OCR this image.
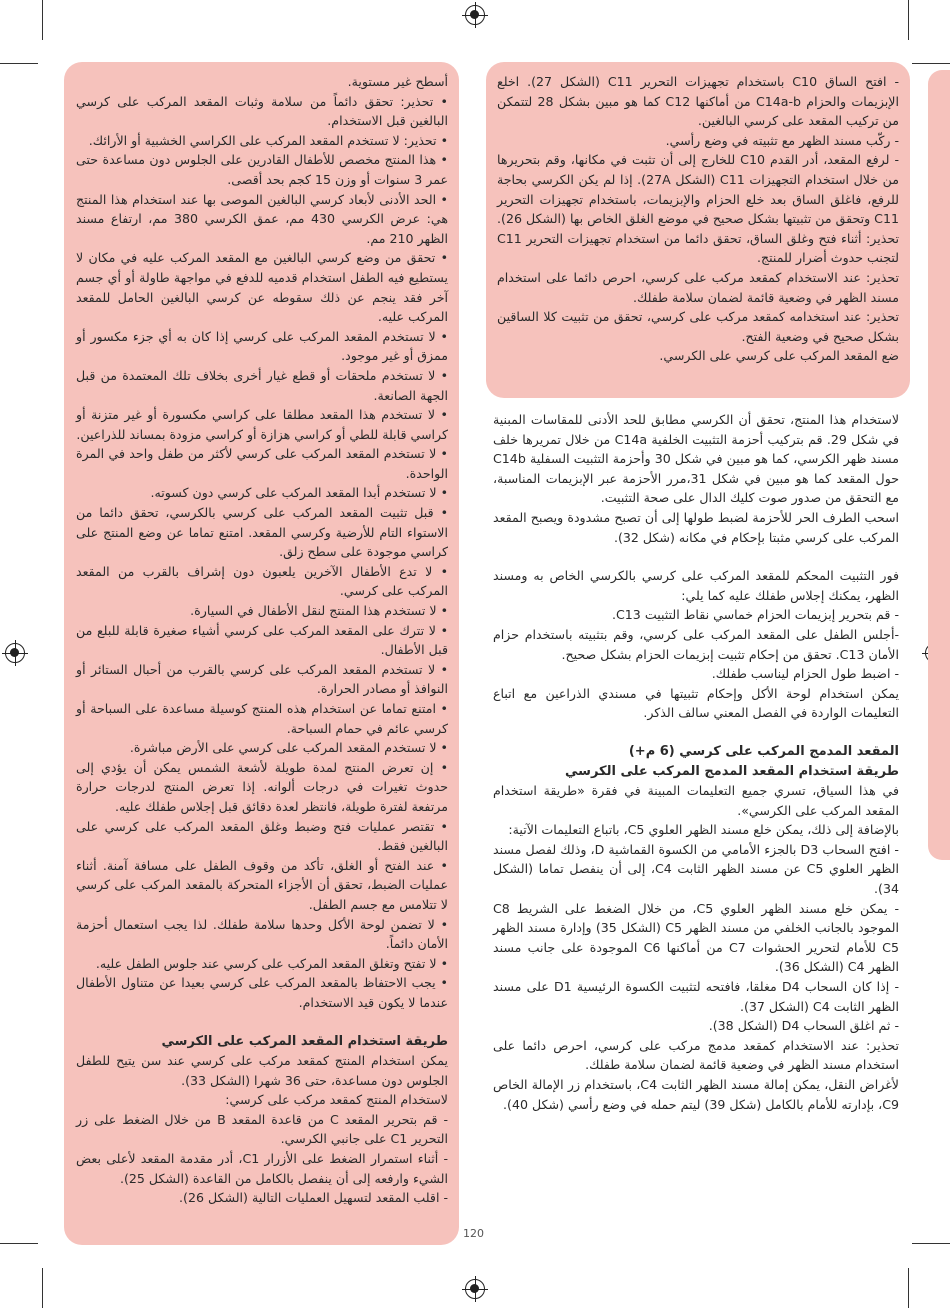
أسطح غير مستوية.

• تحذير: تحقق دائماً من سلامة وثبات المقعد المركب على كرسي البالغين قبل الاستخدام.

• تحذير: لا تستخدم المقعد المركب على الكراسي الخشبية أو الأرائك.

• هذا المنتج مخصص للأطفال القادرين على الجلوس دون مساعدة حتى عمر 3 سنوات أو وزن 15 كجم بحد أقصى.

• الحد الأدنى لأبعاد كرسي البالغين الموصى بها عند استخدام هذا المنتج هي: عرض الكرسي 430 مم، عمق الكرسي 380 مم، ارتفاع مسند الظهر 210 مم.

• تحقق من وضع كرسي البالغين مع المقعد المركب عليه في مكان لا يستطيع فيه الطفل استخدام قدميه للدفع في مواجهة طاولة أو أي جسم آخر فقد ينجم عن ذلك سقوطه عن كرسي البالغين الحامل للمقعد المركب عليه.

• لا تستخدم المقعد المركب على كرسي إذا كان به أي جزء مكسور أو ممزق أو غير موجود.

• لا تستخدم ملحقات أو قطع غيار أخرى بخلاف تلك المعتمدة من قبل الجهة الصانعة.

• لا تستخدم هذا المقعد مطلقا على كراسي مكسورة أو غير متزنة أو كراسي قابلة للطي أو كراسي هزازة أو كراسي مزودة بمساند للذراعين.

• لا تستخدم المقعد المركب على كرسي لأكثر من طفل واحد في المرة الواحدة.

• لا تستخدم أبدا المقعد المركب على كرسي دون كسوته.

• قبل تثبيت المقعد المركب على كرسي بالكرسي، تحقق دائما من الاستواء التام للأرضية وكرسي المقعد. امتنع تماما عن وضع المنتج على كراسي موجودة على سطح زلق.

• لا تدع الأطفال الآخرين يلعبون دون إشراف بالقرب من المقعد المركب على كرسي.

• لا تستخدم هذا المنتج لنقل الأطفال في السيارة.

• لا تترك على المقعد المركب على كرسي أشياء صغيرة قابلة للبلع من قبل الأطفال.

• لا تستخدم المقعد المركب على كرسي بالقرب من أحبال الستائر أو النوافذ أو مصادر الحرارة.

• امتنع تماما عن استخدام هذه المنتج كوسيلة مساعدة على السباحة أو كرسي عائم في حمام السباحة.

• لا تستخدم المقعد المركب على كرسي على الأرض مباشرة.

• إن تعرض المنتج لمدة طويلة لأشعة الشمس يمكن أن يؤدي إلى حدوث تغيرات في درجات ألوانه. إذا تعرض المنتج لدرجات حرارة مرتفعة لفترة طويلة، فانتظر لعدة دقائق قبل إجلاس طفلك عليه.

• تقتصر عمليات فتح وضبط وغلق المقعد المركب على كرسي على البالغين فقط.

• عند الفتح أو الغلق، تأكد من وقوف الطفل على مسافة آمنة. أثناء عمليات الضبط، تحقق أن الأجزاء المتحركة بالمقعد المركب على كرسي لا تتلامس مع جسم الطفل.

• لا تضمن لوحة الأكل وحدها سلامة طفلك. لذا يجب استعمال أحزمة الأمان دائماً.

• لا تفتح وتغلق المقعد المركب على كرسي عند جلوس الطفل عليه.

• يجب الاحتفاظ بالمقعد المركب على كرسي بعيدا عن متناول الأطفال عندما لا يكون قيد الاستخدام.

طريقة استخدام المقعد المركب على الكرسي

يمكن استخدام المنتج كمقعد مركب على كرسي عند سن يتيح للطفل الجلوس دون مساعدة، حتى 36 شهرا (الشكل 33).

لاستخدام المنتج كمقعد مركب على كرسي:

- قم بتحرير المقعد C من قاعدة المقعد B من خلال الضغط على زر التحرير C1 على جانبي الكرسي.

- أثناء استمرار الضغط على الأزرار C1، أدر مقدمة المقعد لأعلى بعض الشيء وارفعه إلى أن ينفصل بالكامل من القاعدة (الشكل 25).

- اقلب المقعد لتسهيل العمليات التالية (الشكل 26).

- افتح الساق C10 باستخدام تجهيزات التحرير C11 (الشكل 27). اخلع الإبزيمات والحزام C14a-b من أماكنها C12 كما هو مبين بشكل 28 لتتمكن من تركيب المقعد على كرسي البالغين.

- ركّب مسند الظهر مع تثبيته في وضع رأسي.

- لرفع المقعد، أدر القدم C10 للخارج إلى أن تثبت في مكانها، وقم بتحريرها من خلال استخدام التجهيزات C11 (الشكل 27A). إذا لم يكن الكرسي بحاجة للرفع، فاغلق الساق بعد خلع الحزام والإبزيمات، باستخدام تجهيزات التحرير C11 وتحقق من تثبيتها بشكل صحيح في موضع الغلق الخاص بها (الشكل 26).

تحذير: أثناء فتح وغلق الساق، تحقق دائما من استخدام تجهيزات التحرير C11 لتجنب حدوث أضرار للمنتج.

تحذير: عند الاستخدام كمقعد مركب على كرسي، احرص دائما على استخدام مسند الظهر في وضعية قائمة لضمان سلامة طفلك.

تحذير: عند استخدامه كمقعد مركب على كرسي، تحقق من تثبيت كلا الساقين بشكل صحيح في وضعية الفتح.

ضع المقعد المركب على كرسي على الكرسي.

لاستخدام هذا المنتج، تحقق أن الكرسي مطابق للحد الأدنى للمقاسات المبنية في شكل 29. قم بتركيب أحزمة التثبيت الخلفية C14a من خلال تمريرها خلف مسند ظهر الكرسي، كما هو مبين في شكل 30 وأحزمة التثبيت السفلية C14b حول المقعد كما هو مبين في شكل 31،مرر الأحزمة عبر الإبزيمات المناسبة، مع التحقق من صدور صوت كليك الدال على صحة التثبيت.

اسحب الطرف الحر للأحزمة لضبط طولها إلى أن تصبح مشدودة ويصبح المقعد المركب على كرسي مثبتا بإحكام في مكانه (شكل 32).

فور التثبيت المحكم للمقعد المركب على كرسي بالكرسي الخاص به ومسند الظهر، يمكنك إجلاس طفلك عليه كما يلي:

- قم بتحرير إبزيمات الحزام خماسي نقاط التثبيت C13.

-أجلس الطفل على المقعد المركب على كرسي، وقم بتثبيته باستخدام حزام الأمان C13. تحقق من إحكام تثبيت إبزيمات الحزام بشكل صحيح.

- اضبط طول الحزام ليناسب طفلك.

يمكن استخدام لوحة الأكل وإحكام تثبيتها في مسندي الذراعين مع اتباع التعليمات الواردة في الفصل المعني سالف الذكر.

المقعد المدمج المركب على كرسي (6 م+)
طريقة استخدام المقعد المدمج المركب على الكرسي

في هذا السياق، تسري جميع التعليمات المبينة في فقرة «طريقة استخدام المقعد المركب على الكرسي».

بالإضافة إلى ذلك، يمكن خلع مسند الظهر العلوي C5، باتباع التعليمات الآتية:

- افتح السحاب D3 بالجزء الأمامي من الكسوة القماشية D، وذلك لفصل مسند الظهر العلوي C5 عن مسند الظهر الثابت C4، إلى أن ينفصل تماما (الشكل 34).

- يمكن خلع مسند الظهر العلوي C5، من خلال الضغط على الشريط C8 الموجود بالجانب الخلفي من مسند الظهر C5 (الشكل 35) وإدارة مسند الظهر C5 للأمام لتحرير الحشوات C7 من أماكنها C6 الموجودة على جانب مسند الظهر C4 (الشكل 36).

- إذا كان السحاب D4 مغلقا، فافتحه لتثبيت الكسوة الرئيسية D1 على مسند الظهر الثابت C4 (الشكل 37).

- ثم اغلق السحاب D4 (الشكل 38).

تحذير: عند الاستخدام كمقعد مدمج مركب على كرسي، احرص دائما على استخدام مسند الظهر في وضعية قائمة لضمان سلامة طفلك.

لأغراض النقل، يمكن إمالة مسند الظهر الثابت C4، باستخدام زر الإمالة الخاص C9، بإدارته للأمام بالكامل (شكل 39) ليتم حمله في وضع رأسي (شكل 40).

120
